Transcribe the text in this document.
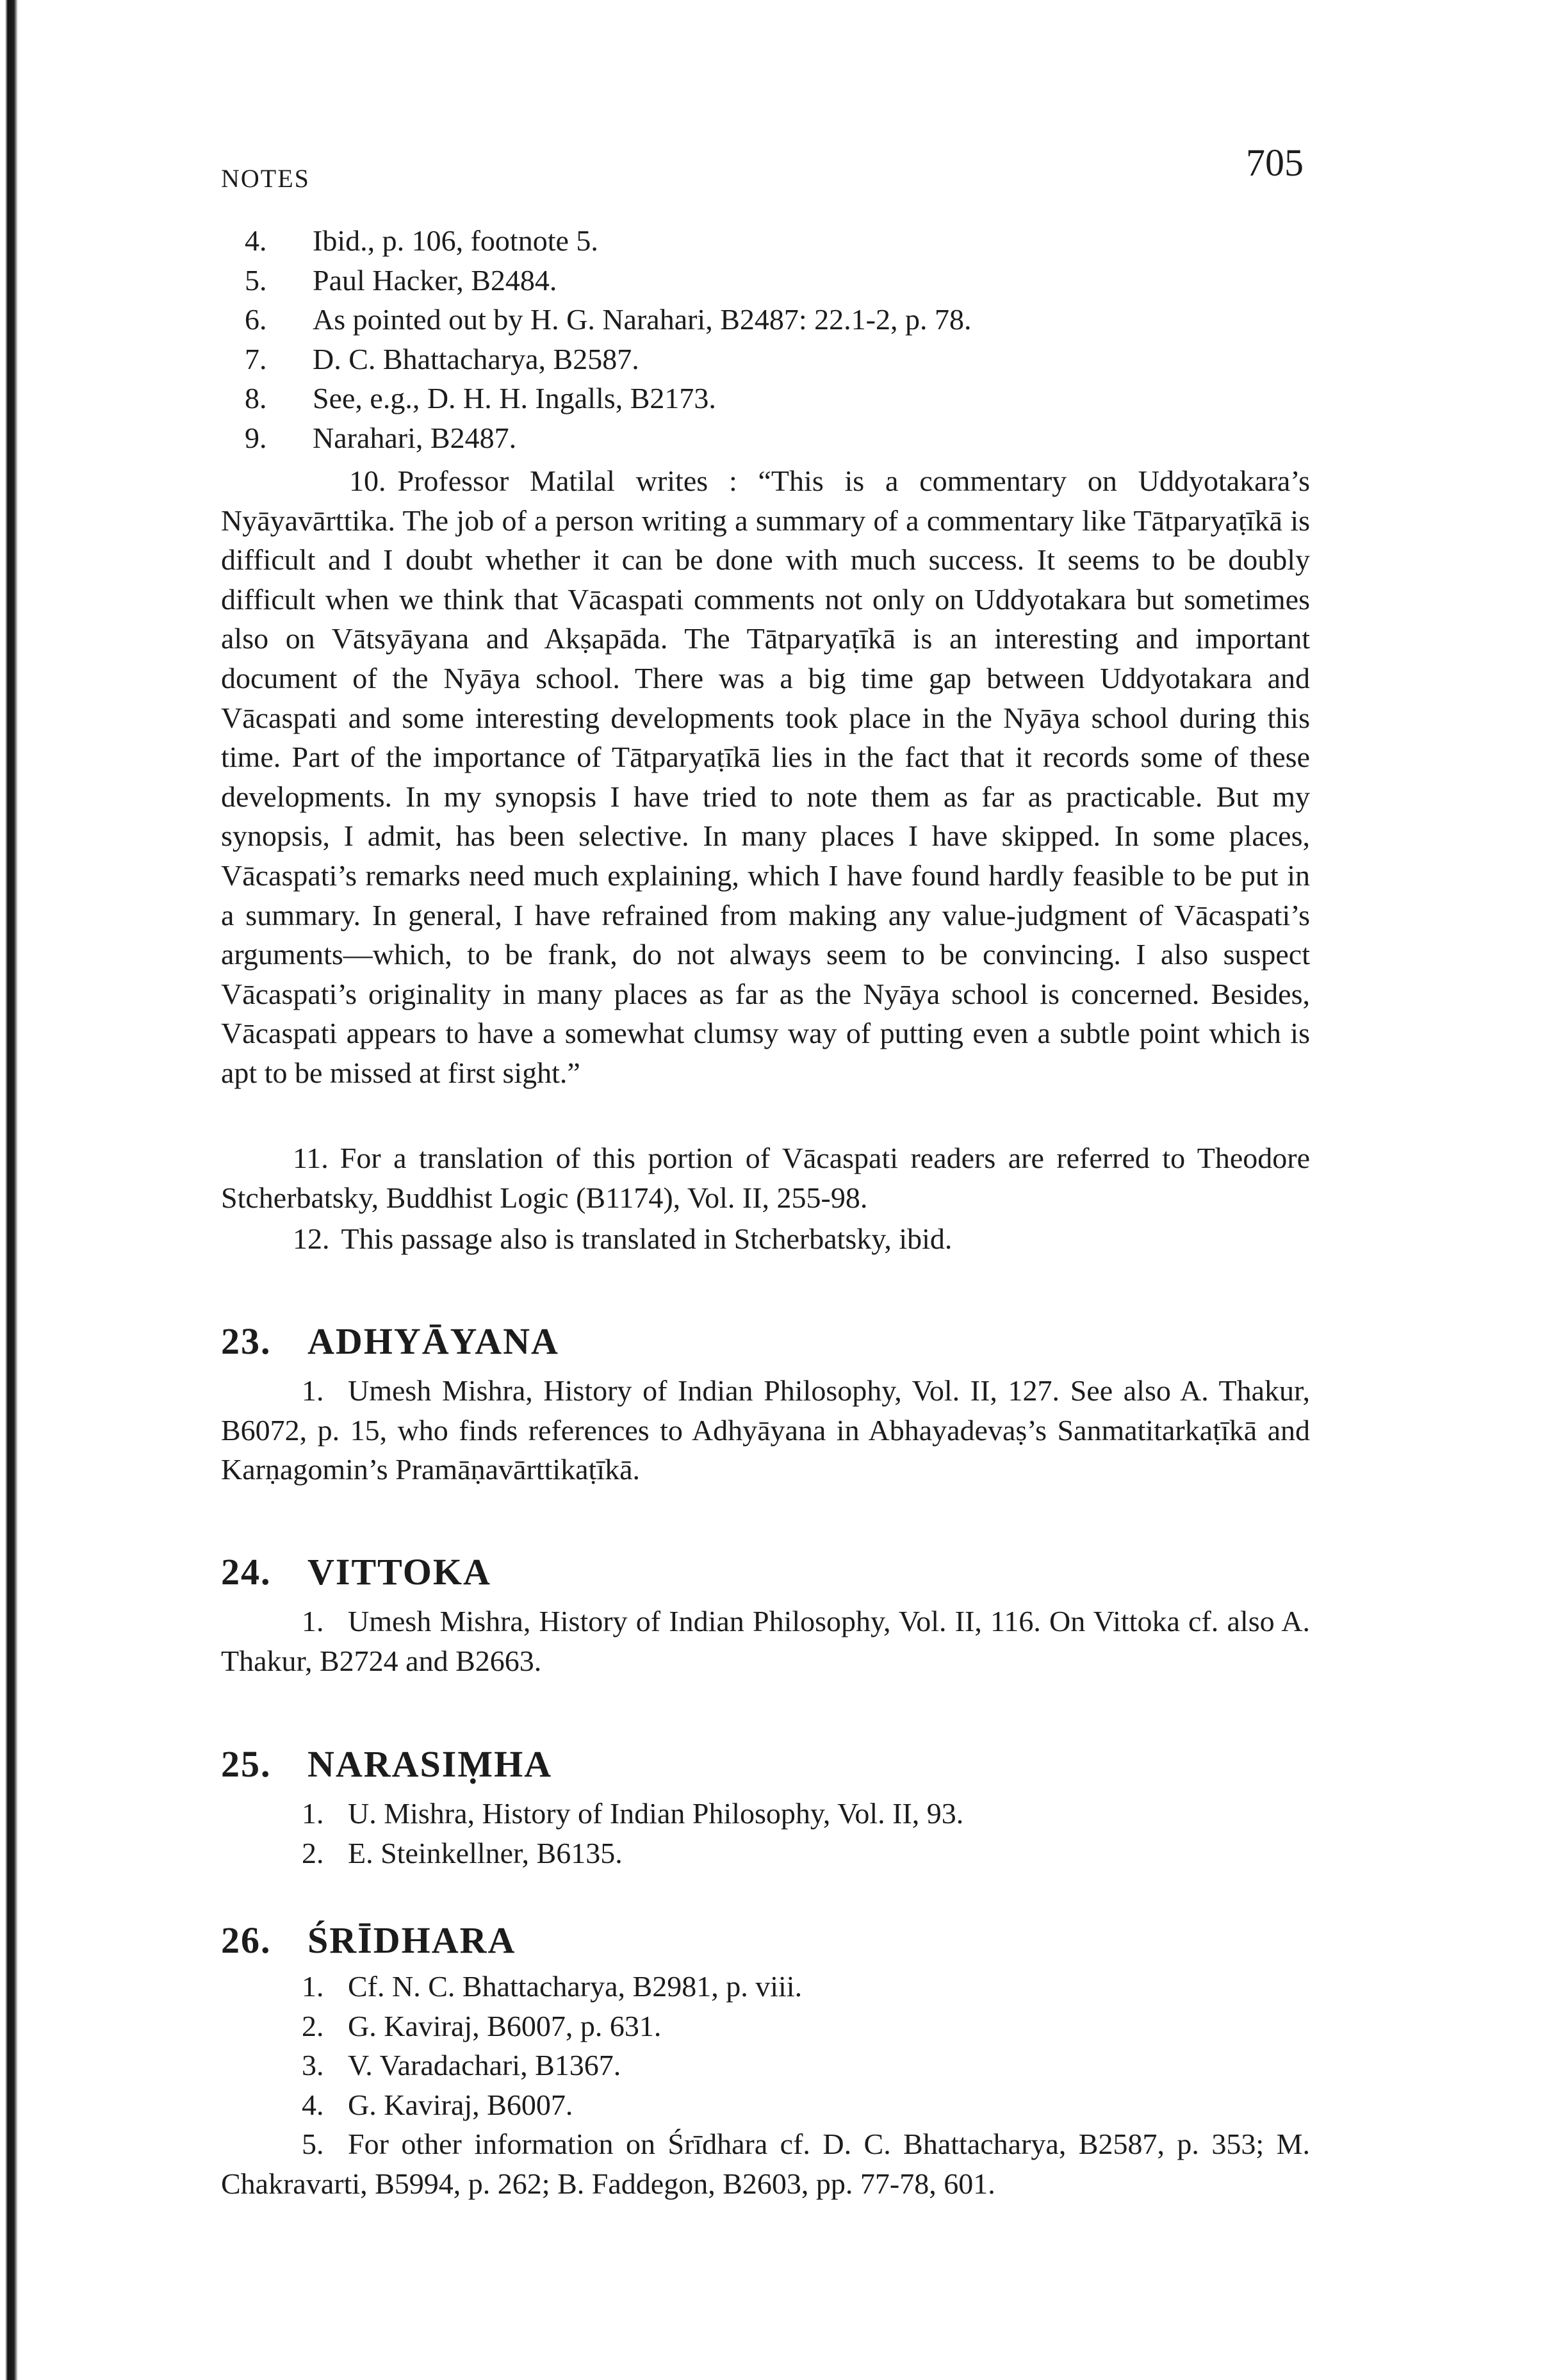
NOTES	705

4. Ibid., p. 106, footnote 5.

5. Paul Hacker, B2484.

6. As pointed out by H. G. Narahari, B2487: 22.1-2, p. 78.

7. D. C. Bhattacharya, B2587.

8. See, e.g., D. H. H. Ingalls, B2173.

9. Narahari, B2487.

10. Professor Matilal writes : “This is a commentary on Uddyotakara’s Nyāyavārttika. The job of a person writing a summary of a commentary like Tātparyaṭīkā is difficult and I doubt whether it can be done with much success. It seems to be doubly difficult when we think that Vācaspati comments not only on Uddyotakara but sometimes also on Vātsyāyana and Akṣapāda. The Tātparyaṭīkā is an interesting and important document of the Nyāya school. There was a big time gap between Uddyotakara and Vācaspati and some interesting developments took place in the Nyāya school during this time. Part of the importance of Tātparyaṭīkā lies in the fact that it records some of these developments. In my synopsis I have tried to note them as far as practicable. But my synopsis, I admit, has been selective. In many places I have skipped. In some places, Vācaspati’s remarks need much explaining, which I have found hardly feasible to be put in a summary. In general, I have refrained from making any value-judgment of Vācaspati’s arguments—which, to be frank, do not always seem to be convincing. I also suspect Vācaspati’s originality in many places as far as the Nyāya school is concerned. Besides, Vācaspati appears to have a somewhat clumsy way of putting even a subtle point which is apt to be missed at first sight.”

11. For a translation of this portion of Vācaspati readers are referred to Theodore Stcherbatsky, Buddhist Logic (B1174), Vol. II, 255-98.

12. This passage also is translated in Stcherbatsky, ibid.

23. ADHYĀYANA

1. Umesh Mishra, History of Indian Philosophy, Vol. II, 127. See also A. Thakur, B6072, p. 15, who finds references to Adhyāyana in Abhayadevaṣ’s Sanmatitarkaṭīkā and Karṇagomin’s Pramāṇavārttikaṭīkā.

24. VITTOKA

1. Umesh Mishra, History of Indian Philosophy, Vol. II, 116. On Vittoka cf. also A. Thakur, B2724 and B2663.

25. NARASIṂHA

1. U. Mishra, History of Indian Philosophy, Vol. II, 93.

2. E. Steinkellner, B6135.

26. ŚRĪDHARA

1. Cf. N. C. Bhattacharya, B2981, p. viii.

2. G. Kaviraj, B6007, p. 631.

3. V. Varadachari, B1367.

4. G. Kaviraj, B6007.

5. For other information on Śrīdhara cf. D. C. Bhattacharya, B2587, p. 353; M. Chakravarti, B5994, p. 262; B. Faddegon, B2603, pp. 77-78, 601.
